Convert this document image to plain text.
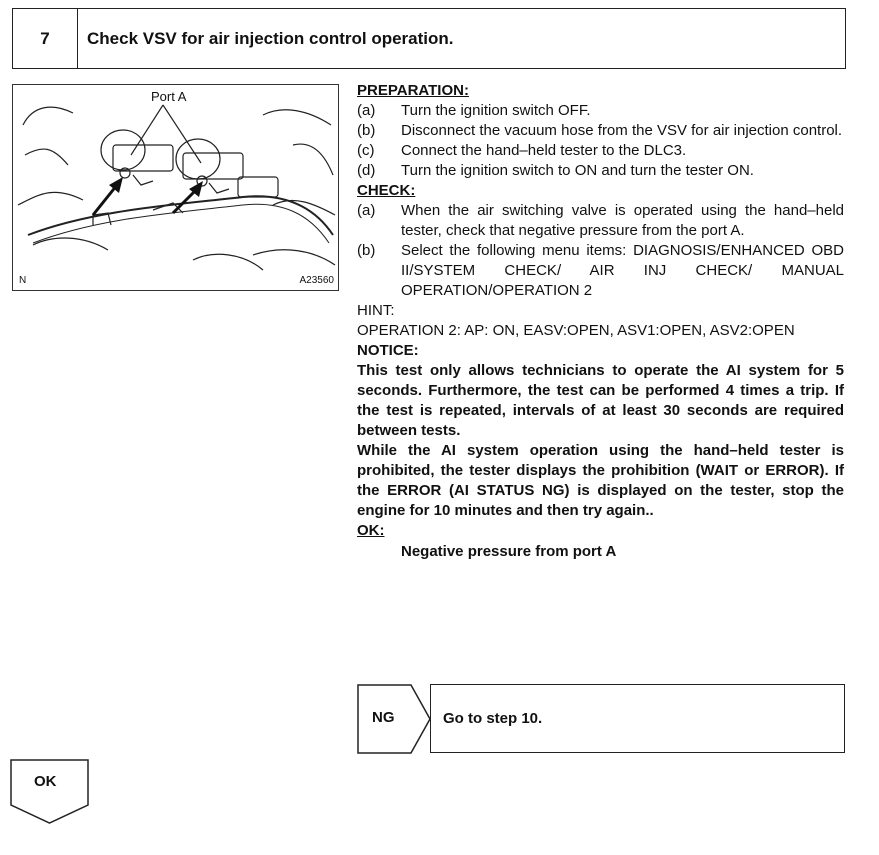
7	Check VSV for air injection control operation.
Port A
N	A23560
PREPARATION:
(a)	Turn the ignition switch OFF.
(b)	Disconnect the vacuum hose from the VSV for air injection control.
(c)	Connect the hand–held tester to the DLC3.
(d)	Turn the ignition switch to ON and turn the tester ON.
CHECK:
(a)	When the air switching valve is operated using the hand–held tester, check that negative pressure from the port A.
(b)	Select the following menu items: DIAGNOSIS/ENHANCED OBD II/SYSTEM CHECK/ AIR INJ CHECK/ MANUAL OPERATION/OPERATION 2
HINT:
OPERATION 2: AP: ON, EASV:OPEN, ASV1:OPEN, ASV2:OPEN
NOTICE:
This test only allows technicians to operate the AI system for 5 seconds. Furthermore, the test can be performed 4 times a trip. If the test is repeated, intervals of at least 30 seconds are required between tests.
While the AI system operation using the hand–held tester is prohibited, the tester displays the prohibition (WAIT or ERROR). If the ERROR (AI STATUS NG) is displayed on the tester, stop the engine for 10 minutes and then try again..
OK:
Negative pressure from port A
NG	Go to step 10.
OK
